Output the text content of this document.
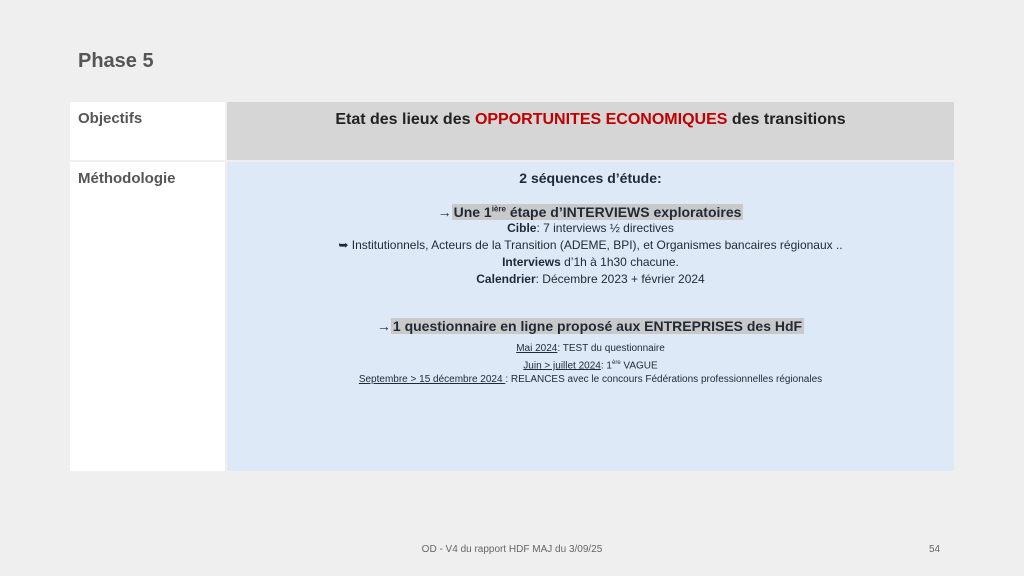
Phase 5
Objectifs	Etat des lieux des OPPORTUNITES ECONOMIQUES des transitions
Méthodologie	2 séquences d’étude:
→ Une $1^{ière}$ étape d’INTERVIEWS exploratoires
Cible: 7 interviews ½ directives
➥ Institutionnels, Acteurs de la Transition (ADEME, BPI), et Organismes bancaires régionaux ..
Interviews d’1h à 1h30 chacune.
Calendrier: Décembre 2023 + février 2024
→ 1 questionnaire en ligne proposé aux ENTREPRISES des HdF
Mai 2024: TEST du questionnaire
Juin > juillet 2024: 1ère VAGUE
Septembre > 15 décembre 2024 : RELANCES avec le concours Fédérations professionnelles régionales
OD - V4 du rapport HDF MAJ du 3/09/25	54
